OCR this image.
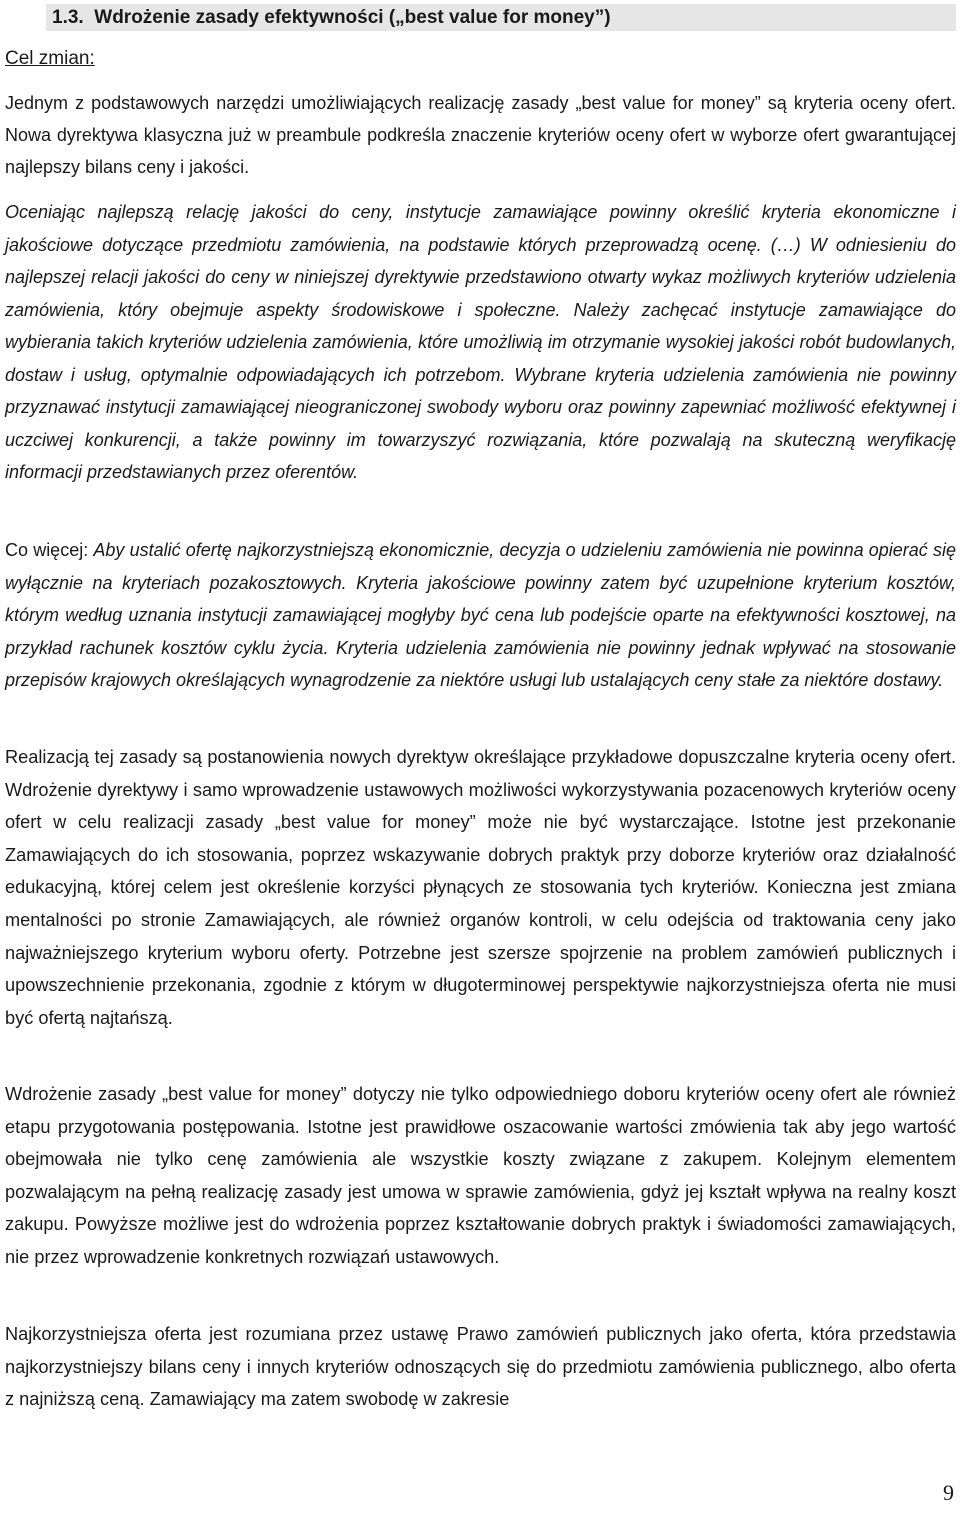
1.3. Wdrożenie zasady efektywności („best value for money”)
Cel zmian:

Jednym z podstawowych narzędzi umożliwiających realizację zasady „best value for money” są kryteria oceny ofert. Nowa dyrektywa klasyczna już w preambule podkreśla znaczenie kryteriów oceny ofert w wyborze ofert gwarantującej najlepszy bilans ceny i jakości.

Oceniając najlepszą relację jakości do ceny, instytucje zamawiające powinny określić kryteria ekonomiczne i jakościowe dotyczące przedmiotu zamówienia, na podstawie których przeprowadzą ocenę. (…) W odniesieniu do najlepszej relacji jakości do ceny w niniejszej dyrektywie przedstawiono otwarty wykaz możliwych kryteriów udzielenia zamówienia, który obejmuje aspekty środowiskowe i społeczne. Należy zachęcać instytucje zamawiające do wybierania takich kryteriów udzielenia zamówienia, które umożliwią im otrzymanie wysokiej jakości robót budowlanych, dostaw i usług, optymalnie odpowiadających ich potrzebom. Wybrane kryteria udzielenia zamówienia nie powinny przyznawać instytucji zamawiającej nieograniczonej swobody wyboru oraz powinny zapewniać możliwość efektywnej i uczciwej konkurencji, a także powinny im towarzyszyć rozwiązania, które pozwalają na skuteczną weryfikację informacji przedstawianych przez oferentów.

Co więcej: Aby ustalić ofertę najkorzystniejszą ekonomicznie, decyzja o udzieleniu zamówienia nie powinna opierać się wyłącznie na kryteriach pozakosztowych. Kryteria jakościowe powinny zatem być uzupełnione kryterium kosztów, którym według uznania instytucji zamawiającej mogłyby być cena lub podejście oparte na efektywności kosztowej, na przykład rachunek kosztów cyklu życia. Kryteria udzielenia zamówienia nie powinny jednak wpływać na stosowanie przepisów krajowych określających wynagrodzenie za niektóre usługi lub ustalających ceny stałe za niektóre dostawy.

Realizacją tej zasady są postanowienia nowych dyrektyw określające przykładowe dopuszczalne kryteria oceny ofert. Wdrożenie dyrektywy i samo wprowadzenie ustawowych możliwości wykorzystywania pozacenowych kryteriów oceny ofert w celu realizacji zasady „best value for money” może nie być wystarczające. Istotne jest przekonanie Zamawiających do ich stosowania, poprzez wskazywanie dobrych praktyk przy doborze kryteriów oraz działalność edukacyjną, której celem jest określenie korzyści płynących ze stosowania tych kryteriów. Konieczna jest zmiana mentalności po stronie Zamawiających, ale również organów kontroli, w celu odejścia od traktowania ceny jako najważniejszego kryterium wyboru oferty. Potrzebne jest szersze spojrzenie na problem zamówień publicznych i upowszechnienie przekonania, zgodnie z którym w długoterminowej perspektywie najkorzystniejsza oferta nie musi być ofertą najtańszą.

Wdrożenie zasady „best value for money” dotyczy nie tylko odpowiedniego doboru kryteriów oceny ofert ale również etapu przygotowania postępowania. Istotne jest prawidłowe oszacowanie wartości zmówienia tak aby jego wartość obejmowała nie tylko cenę zamówienia ale wszystkie koszty związane z zakupem. Kolejnym elementem pozwalającym na pełną realizację zasady jest umowa w sprawie zamówienia, gdyż jej kształt wpływa na realny koszt zakupu. Powyższe możliwe jest do wdrożenia poprzez kształtowanie dobrych praktyk i świadomości zamawiających, nie przez wprowadzenie konkretnych rozwiązań ustawowych.

Najkorzystniejsza oferta jest rozumiana przez ustawę Prawo zamówień publicznych jako oferta, która przedstawia najkorzystniejszy bilans ceny i innych kryteriów odnoszących się do przedmiotu zamówienia publicznego, albo oferta z najniższą ceną. Zamawiający ma zatem swobodę w zakresie

9
